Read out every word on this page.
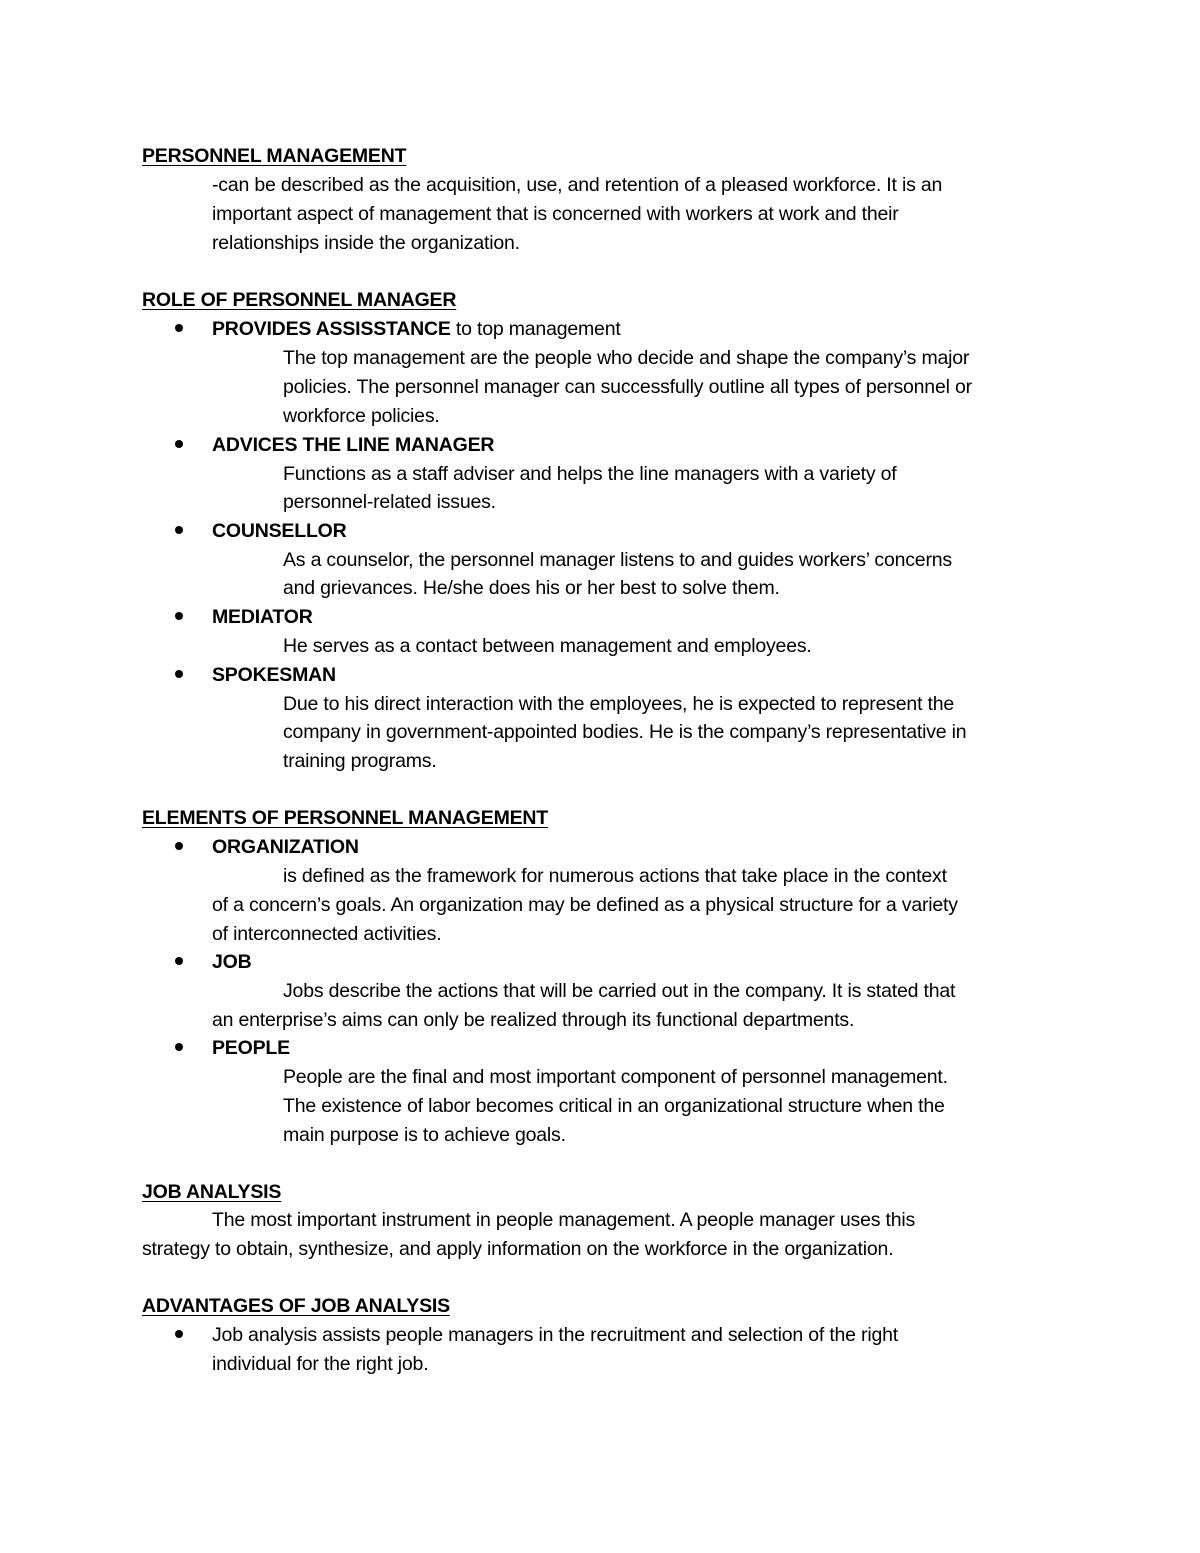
PERSONNEL MANAGEMENT
-can be described as the acquisition, use, and retention of a pleased workforce. It is an
important aspect of management that is concerned with workers at work and their
relationships inside the organization.
ROLE OF PERSONNEL MANAGER
PROVIDES ASSISSTANCE to top management
The top management are the people who decide and shape the company’s major
policies. The personnel manager can successfully outline all types of personnel or
workforce policies.
ADVICES THE LINE MANAGER
Functions as a staff adviser and helps the line managers with a variety of
personnel-related issues.
COUNSELLOR
As a counselor, the personnel manager listens to and guides workers’ concerns
and grievances. He/she does his or her best to solve them.
MEDIATOR
He serves as a contact between management and employees.
SPOKESMAN
Due to his direct interaction with the employees, he is expected to represent the
company in government-appointed bodies. He is the company’s representative in
training programs.
ELEMENTS OF PERSONNEL MANAGEMENT
ORGANIZATION
is defined as the framework for numerous actions that take place in the context
of a concern’s goals. An organization may be defined as a physical structure for a variety
of interconnected activities.
JOB
Jobs describe the actions that will be carried out in the company. It is stated that
an enterprise’s aims can only be realized through its functional departments.
PEOPLE
People are the final and most important component of personnel management.
The existence of labor becomes critical in an organizational structure when the
main purpose is to achieve goals.
JOB ANALYSIS
The most important instrument in people management. A people manager uses this
strategy to obtain, synthesize, and apply information on the workforce in the organization.
ADVANTAGES OF JOB ANALYSIS
Job analysis assists people managers in the recruitment and selection of the right
individual for the right job.
